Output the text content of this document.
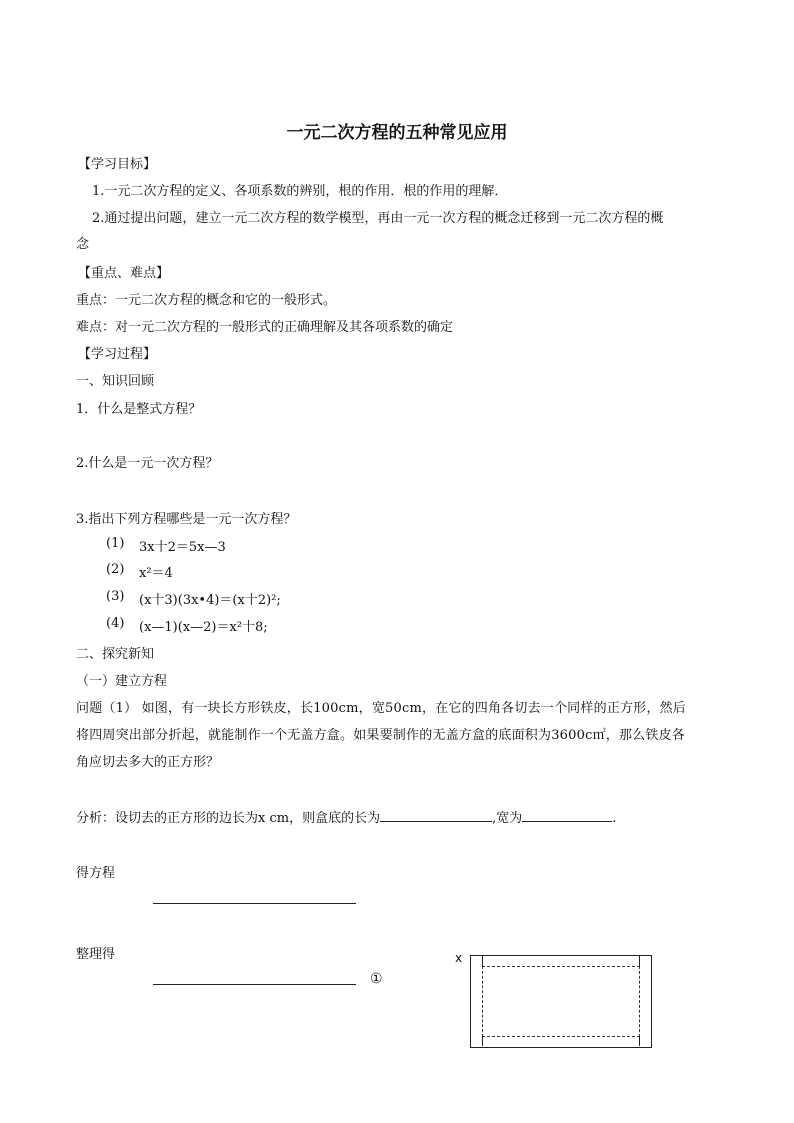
一元二次方程的五种常见应用
【学习目标】
1.一元二次方程的定义、各项系数的辨别，根的作用．根的作用的理解．
2.通过提出问题，建立一元二次方程的数学模型，再由一元一次方程的概念迁移到一元二次方程的概
念
【重点、难点】
重点：一元二次方程的概念和它的一般形式。
难点：对一元二次方程的一般形式的正确理解及其各项系数的确定
【学习过程】
一、知识回顾
1．什么是整式方程？
2.什么是一元一次方程？
3.指出下列方程哪些是一元一次方程？
(1) 3x十2＝5x—3
(2) x²＝4
(3) (x十3)(3x•4)＝(x十2)²;
(4) (x—1)(x—2)＝x²十8;
二、探究新知
（一）建立方程
问题（1） 如图，有一块长方形铁皮，长100cm，宽50cm，在它的四角各切去一个同样的正方形，然后
将四周突出部分折起，就能制作一个无盖方盒。如果要制作的无盖方盒的底面积为3600c㎡，那么铁皮各
角应切去多大的正方形？
分析：设切去的正方形的边长为x cm，则盒底的长为	,宽为	.
得方程
整理得
①
x
